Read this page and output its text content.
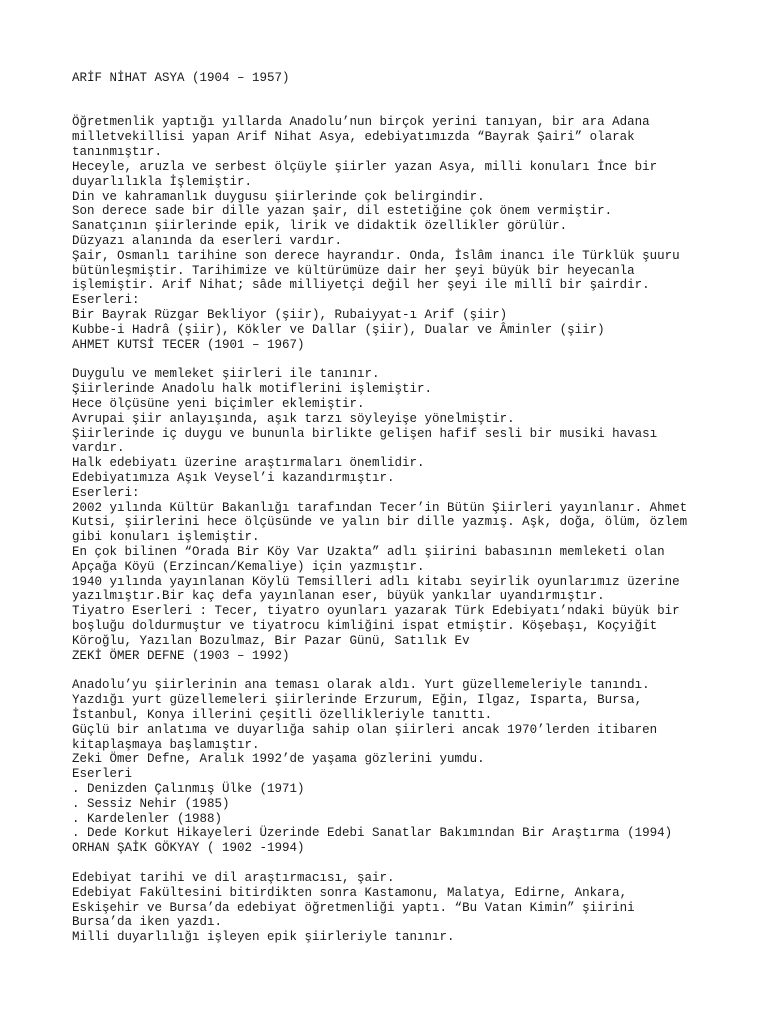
ARİF NİHAT ASYA (1904 – 1957)
Öğretmenlik yaptığı yıllarda Anadolu’nun birçok yerini tanıyan, bir ara Adana
milletvekillisi yapan Arif Nihat Asya, edebiyatımızda “Bayrak Şairi” olarak
tanınmıştır.
Heceyle, aruzla ve serbest ölçüyle şiirler yazan Asya, milli konuları İnce bir
duyarlılıkla İşlemiştir.
Din ve kahramanlık duygusu şiirlerinde çok belirgindir.
Son derece sade bir dille yazan şair, dil estetiğine çok önem vermiştir.
Sanatçının şiirlerinde epik, lirik ve didaktik özellikler görülür.
Düzyazı alanında da eserleri vardır.
Şair, Osmanlı tarihine son derece hayrandır. Onda, İslâm inancı ile Türklük şuuru
bütünleşmiştir. Tarihimize ve kültürümüze dair her şeyi büyük bir heyecanla
işlemiştir. Arif Nihat; sâde milliyetçi değil her şeyi ile millî bir şairdir.
Eserleri:
Bir Bayrak Rüzgar Bekliyor (şiir), Rubaiyyat-ı Arif (şiir)
Kubbe-i Hadrâ (şiir), Kökler ve Dallar (şiir), Dualar ve Âminler (şiir)
AHMET KUTSİ TECER (1901 – 1967)
Duygulu ve memleket şiirleri ile tanınır.
Şiirlerinde Anadolu halk motiflerini işlemiştir.
Hece ölçüsüne yeni biçimler eklemiştir.
Avrupai şiir anlayışında, aşık tarzı söyleyişe yönelmiştir.
Şiirlerinde iç duygu ve bununla birlikte gelişen hafif sesli bir musiki havası
vardır.
Halk edebiyatı üzerine araştırmaları önemlidir.
Edebiyatımıza Aşık Veysel’i kazandırmıştır.
Eserleri:
2002 yılında Kültür Bakanlığı tarafından Tecer’in Bütün Şiirleri yayınlanır. Ahmet
Kutsi, şiirlerini hece ölçüsünde ve yalın bir dille yazmış. Aşk, doğa, ölüm, özlem
gibi konuları işlemiştir.
En çok bilinen “Orada Bir Köy Var Uzakta” adlı şiirini babasının memleketi olan
Apçağa Köyü (Erzincan/Kemaliye) için yazmıştır.
1940 yılında yayınlanan Köylü Temsilleri adlı kitabı seyirlik oyunlarımız üzerine
yazılmıştır.Bir kaç defa yayınlanan eser, büyük yankılar uyandırmıştır.
Tiyatro Eserleri : Tecer, tiyatro oyunları yazarak Türk Edebiyatı’ndaki büyük bir
boşluğu doldurmuştur ve tiyatrocu kimliğini ispat etmiştir. Köşebaşı, Koçyiğit
Köroğlu, Yazılan Bozulmaz, Bir Pazar Günü, Satılık Ev
ZEKİ ÖMER DEFNE (1903 – 1992)
Anadolu’yu şiirlerinin ana teması olarak aldı. Yurt güzellemeleriyle tanındı.
Yazdığı yurt güzellemeleri şiirlerinde Erzurum, Eğin, Ilgaz, Isparta, Bursa,
İstanbul, Konya illerini çeşitli özellikleriyle tanıttı.
Güçlü bir anlatıma ve duyarlığa sahip olan şiirleri ancak 1970’lerden itibaren
kitaplaşmaya başlamıştır.
Zeki Ömer Defne, Aralık 1992’de yaşama gözlerini yumdu.
Eserleri
. Denizden Çalınmış Ülke (1971)
. Sessiz Nehir (1985)
. Kardelenler (1988)
. Dede Korkut Hikayeleri Üzerinde Edebi Sanatlar Bakımından Bir Araştırma (1994)
ORHAN ŞAİK GÖKYAY ( 1902 -1994)
Edebiyat tarihi ve dil araştırmacısı, şair.
Edebiyat Fakültesini bitirdikten sonra Kastamonu, Malatya, Edirne, Ankara,
Eskişehir ve Bursa’da edebiyat öğretmenliği yaptı. “Bu Vatan Kimin” şiirini
Bursa’da iken yazdı.
Milli duyarlılığı işleyen epik şiirleriyle tanınır.
